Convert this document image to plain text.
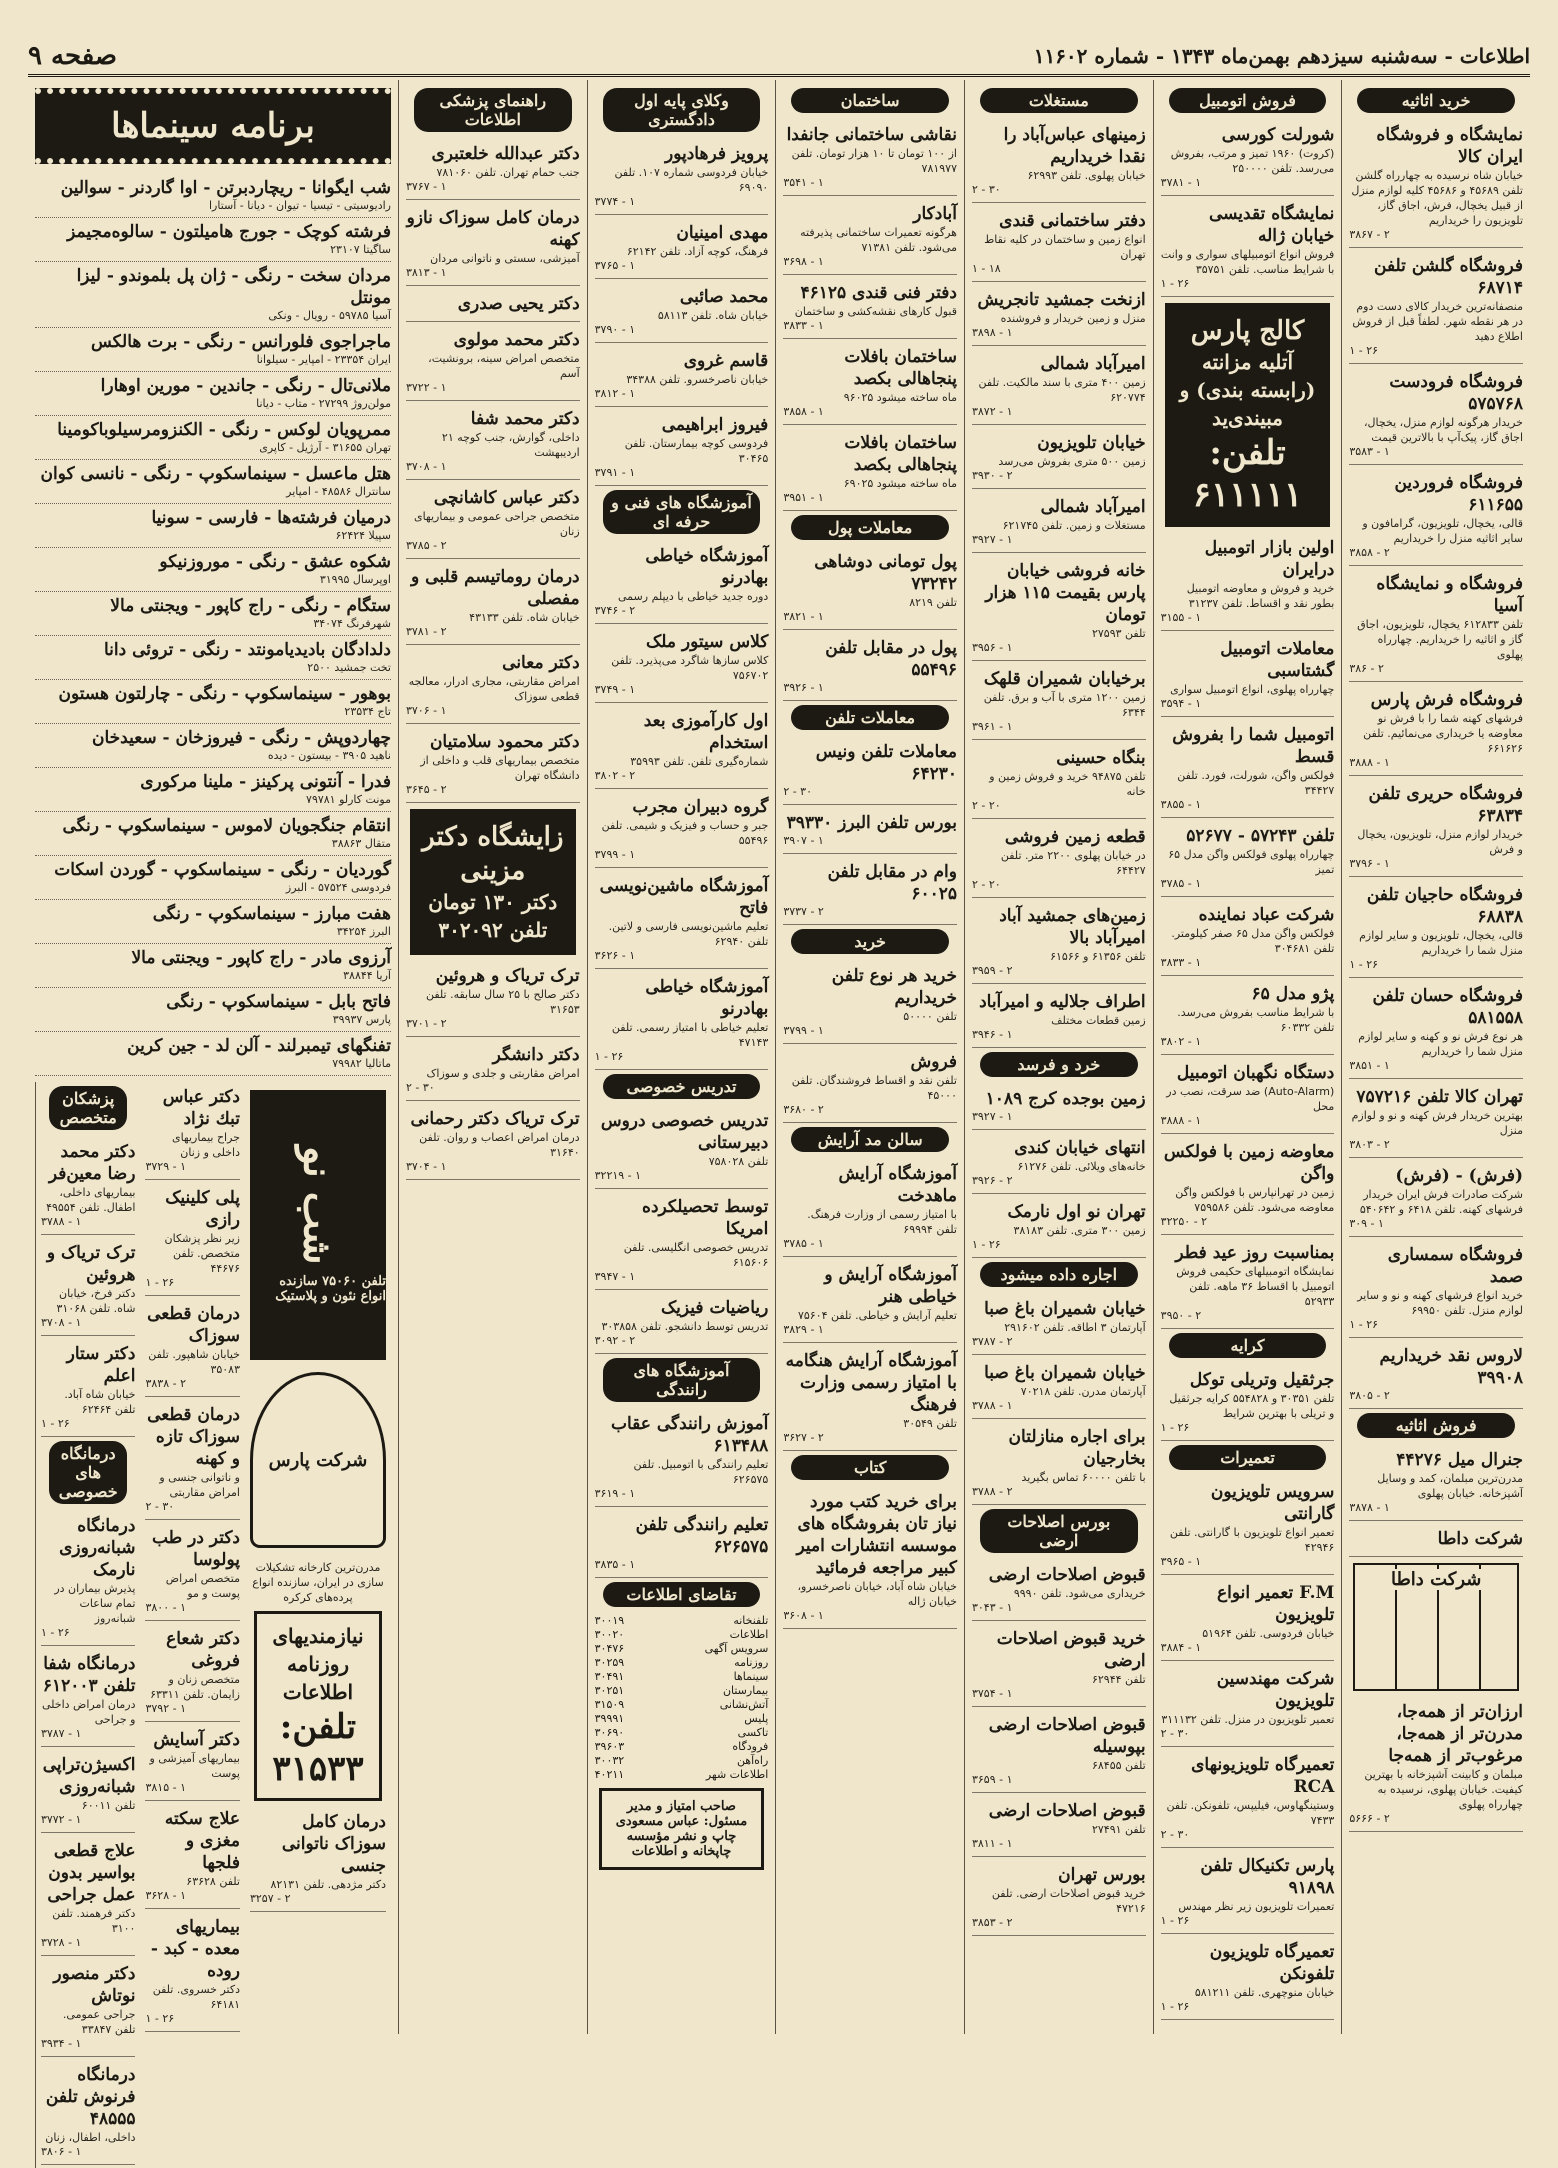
صفحه ۹	اطلاعات - سه‌شنبه سیزدهم بهمن‌ماه ۱۳۴۳ - شماره ۱۱۶۰۲
خرید اثاثیه
نمایشگاه و فروشگاه ایران کالا
خیابان شاه نرسیده به چهارراه گلشن تلفن ۴۵۶۸۹ و ۴۵۶۸۶ کلیه لوازم منزل از قبیل یخچال، فرش، اجاق گاز، تلویزیون را خریداریم
۳۸۶۷ - ۲
فروشگاه گلشن تلفن ۶۸۷۱۴
منصفانه‌ترین خریدار کالای دست دوم در هر نقطه شهر. لطفاً قبل از فروش اطلاع دهید
۱ - ۲۶
فروشگاه فرودست ۵۷۵۷۶۸
خریدار هرگونه لوازم منزل، یخچال، اجاق گاز، پیک‌آپ با بالاترین قیمت
۳۵۸۳ - ۱
فروشگاه فروردین ۶۱۱۶۵۵
قالی، یخچال، تلویزیون، گرامافون و سایر اثاثیه منزل را خریداریم
۳۸۵۸ - ۲
فروشگاه و نمایشگاه آسیا
تلفن ۶۱۲۸۳۳ یخچال، تلویزیون، اجاق گاز و اثاثیه را خریداریم. چهارراه پهلوی
۳۸۶ - ۲
فروشگاه فرش پارس
فرشهای کهنه شما را با فرش نو معاوضه یا خریداری می‌نمائیم. تلفن ۶۶۱۶۲۶
۳۸۸۸ - ۱
فروشگاه حریری تلفن ۶۳۸۳۴
خریدار لوازم منزل، تلویزیون، یخچال و فرش
۳۷۹۶ - ۱
فروشگاه حاجیان تلفن ۶۸۸۳۸
قالی، یخچال، تلویزیون و سایر لوازم منزل شما را خریداریم
۱ - ۲۶
فروشگاه حسان تلفن ۵۸۱۵۵۸
هر نوع فرش نو و کهنه و سایر لوازم منزل شما را خریداریم
۳۸۵۱ - ۱
تهران کالا تلفن ۷۵۷۲۱۶
بهترین خریدار فرش کهنه و نو و لوازم منزل
۳۸۰۳ - ۲
(فرش) - (فرش)
شرکت صادرات فرش ایران خریدار فرشهای کهنه. تلفن ۶۴۱۸ و ۵۴۰۶۴۲
۳۰۹ - ۱
فروشگاه سمساری صمد
خرید انواع فرشهای کهنه و نو و سایر لوازم منزل. تلفن ۶۹۹۵۰
۱ - ۲۶
لاروس نقد خریداریم ۳۹۹۰۸
۳۸۰۵ - ۲
فروش اثاثیه
جنرال میل ۴۴۲۷۶
مدرن‌ترین مبلمان، کمد و وسایل آشپزخانه. خیابان پهلوی
۳۸۷۸ - ۱
شرکت داطا
شرکت داطا
ارزان‌تر از همه‌جا، مدرن‌تر از همه‌جا، مرغوب‌تر از همه‌جا
مبلمان و کابینت آشپزخانه با بهترین کیفیت. خیابان پهلوی، نرسیده به چهارراه پهلوی
۵۶۶۶ - ۲
فروش اتومبیل
شورلت کورسی
(کروت) ۱۹۶۰ تمیز و مرتب، بفروش می‌رسد. تلفن ۲۵۰۰۰۰
۳۷۸۱ - ۱
نمایشگاه تقدیسی خیابان ژاله
فروش انواع اتومبیلهای سواری و وانت با شرایط مناسب. تلفن ۳۵۷۵۱
۱ - ۲۶
کالج پارس
آتلیه مزانته (رابسته بندی) و مبیندی‌ید
تلفن: ۶۱۱۱۱۱
اولین بازار اتومبیل درایران
خرید و فروش و معاوضه اتومبیل بطور نقد و اقساط. تلفن ۳۱۲۳۷
۳۱۵۵ - ۱
معاملات اتومبیل گشتاسبی
چهارراه پهلوی، انواع اتومبیل سواری
۳۵۹۴ - ۱
اتومبیل شما را بفروش قسط
فولکس واگن، شورلت، فورد. تلفن ۳۴۴۲۷
۳۸۵۵ - ۱
تلفن ۵۷۲۴۳ - ۵۲۶۷۷
چهارراه پهلوی فولکس واگن مدل ۶۵ تمیز
۳۷۸۵ - ۱
شرکت عباد نماینده
فولکس واگن مدل ۶۵ صفر کیلومتر. تلفن ۳۰۴۶۸۱
۳۸۳۳ - ۱
پژو مدل ۶۵
با شرایط مناسب بفروش می‌رسد. تلفن ۶۰۳۳۲
۳۸۰۲ - ۱
دستگاه نگهبان اتومبیل
(Auto-Alarm) ضد سرقت، نصب در محل
۳۸۸۸ - ۱
معاوضه زمین با فولکس واگن
زمین در تهرانپارس با فولکس واگن معاوضه می‌شود. تلفن ۷۵۹۵۸۶
۳۲۲۵۰ - ۲
بمناسبت روز عید فطر
نمایشگاه اتومبیلهای حکیمی فروش اتومبیل با اقساط ۳۶ ماهه. تلفن ۵۲۹۳۳
۳۹۵۰ - ۲
کرایه
جرثقیل وتریلی توکل
تلفن ۳۰۳۵۱ و ۵۵۴۸۲۸ کرایه جرثقیل و تریلی با بهترین شرایط
۱ - ۲۶
تعمیرات
سرویس تلویزیون گارانتی
تعمیر انواع تلویزیون با گارانتی. تلفن ۴۲۹۴۶
۳۹۶۵ - ۱
F.M تعمیر انواع تلویزیون
خیابان فردوسی. تلفن ۵۱۹۶۴
۳۸۸۴ - ۱
شرکت مهندسین تلویزیون
تعمیر تلویزیون در منزل. تلفن ۳۱۱۱۳۲
۲ - ۳۰
تعمیرگاه تلویزیونهای RCA
وستینگهاوس، فیلیپس، تلفونکن. تلفن ۷۴۳۳
۲ - ۳۰
پارس تکنیکال تلفن ۹۱۸۹۸
تعمیرات تلویزیون زیر نظر مهندس
۱ - ۲۶
تعمیرگاه تلویزیون تلفونکن
خیابان منوچهری. تلفن ۵۸۱۲۱۱
۱ - ۲۶
مستغلات
زمینهای عباس‌آباد را نقدا خریداریم
خیابان پهلوی. تلفن ۶۲۹۹۳
۲ - ۳۰
دفتر ساختمانی قندی
انواع زمین و ساختمان در کلیه نقاط تهران
۱ - ۱۸
ازنخت جمشید تانجریش
منزل و زمین خریدار و فروشنده
۳۸۹۸ - ۱
امیرآباد شمالی
زمین ۴۰۰ متری با سند مالکیت. تلفن ۶۲۰۷۷۴
۳۸۷۲ - ۱
خیابان تلویزیون
زمین ۵۰۰ متری بفروش می‌رسد
۳۹۳۰ - ۲
امیرآباد شمالی
مستغلات و زمین. تلفن ۶۲۱۷۴۵
۳۹۲۷ - ۱
خانه فروشی خیابان پارس بقیمت ۱۱۵ هزار تومان
تلفن ۲۷۵۹۳
۳۹۵۶ - ۱
برخیابان شمیران قلهک
زمین ۱۲۰۰ متری با آب و برق. تلفن ۶۳۴۴
۳۹۶۱ - ۱
بنگاه حسینی
تلفن ۹۴۸۷۵ خرید و فروش زمین و خانه
۲ - ۲۰
قطعه زمین فروشی
در خیابان پهلوی ۲۲۰۰ متر. تلفن ۶۴۴۲۷
۲ - ۲۰
زمین‌های جمشید آباد امیرآباد بالا
تلفن ۶۱۳۵۶ و ۶۱۵۶۶
۳۹۵۹ - ۲
اطراف جلالیه و امیرآباد
زمین قطعات مختلف
۳۹۴۶ - ۱
خرد و فرسد
زمین بوجده کرج ۱۰۸۹
۳۹۲۷ - ۱
انتهای خیابان کندی
خانه‌های ویلائی. تلفن ۶۱۲۷۶
۳۹۲۶ - ۲
تهران نو اول نارمک
زمین ۳۰۰ متری. تلفن ۳۸۱۸۳
۱ - ۲۶
اجاره داده میشود
خیابان شمیران باغ صبا
آپارتمان ۳ اطاقه. تلفن ۲۹۱۶۰۲
۳۷۸۷ - ۲
خیابان شمیران باغ صبا
آپارتمان مدرن. تلفن ۷۰۲۱۸
۳۷۸۸ - ۱
برای اجاره منازلتان بخارجیان
با تلفن ۶۰۰۰۰ تماس بگیرید
۳۷۸۸ - ۲
بورس اصلاحات ارضی
قبوض اصلاحات ارضی
خریداری می‌شود. تلفن ۹۹۹۰
۳۰۴۳ - ۱
خرید قبوض اصلاحات ارضی
تلفن ۶۲۹۴۴
۳۷۵۴ - ۱
قبوض اصلاحات ارضی بپوسیله
تلفن ۶۸۴۵۵
۳۶۵۹ - ۱
قبوض اصلاحات ارضی
تلفن ۲۷۴۹۱
۳۸۱۱ - ۱
بورس تهران
خرید قبوض اصلاحات ارضی. تلفن ۴۷۲۱۶
۳۸۵۳ - ۲
ساختمان
نقاشی ساختمانی جانفدا
از ۱۰۰ تومان تا ۱۰ هزار تومان. تلفن ۷۸۱۹۷۷
۳۵۴۱ - ۱
آبادکار
هرگونه تعمیرات ساختمانی پذیرفته می‌شود. تلفن ۷۱۳۸۱
۳۶۹۸ - ۱
دفتر فنی قندی ۴۶۱۲۵
قبول کارهای نقشه‌کشی و ساختمان
۳۸۳۳ - ۱
ساختمان بافلات پنجاهالی بکصد
ماه ساخته میشود ۹۶۰۲۵
۳۸۵۸ - ۱
ساختمان بافلات پنجاهالی بکصد
ماه ساخته میشود ۶۹۰۲۵
۳۹۵۱ - ۱
معاملات پول
پول تومانی دوشاهی ۷۳۲۴۲
تلفن ۸۲۱۹
۳۸۲۱ - ۱
پول در مقابل تلفن ۵۵۴۹۶
۳۹۲۶ - ۱
معاملات تلفن
معاملات تلفن ونیس ۶۴۲۳۰
۲ - ۳۰
بورس تلفن البرز ۳۹۳۳۰
۳۹۰۷ - ۱
وام در مقابل تلفن ۶۰۰۲۵
۳۷۳۷ - ۲
خرید
خرید هر نوع تلفن خریداریم
تلفن ۵۰۰۰۰
۳۷۹۹ - ۱
فروش
تلفن نقد و اقساط فروشندگان. تلفن ۴۵۰۰۰
۳۶۸۰ - ۲
سالن مد آرایش
آموزشگاه آرایش ماهدخت
با امتیاز رسمی از وزارت فرهنگ. تلفن ۶۹۹۹۴
۳۷۸۵ - ۱
آموزشگاه آرایش و خیاطی هنر
تعلیم آرایش و خیاطی. تلفن ۷۵۶۰۴
۳۸۲۹ - ۱
آموزشگاه آرایش هنگامه با امتیاز رسمی وزارت فرهنگ
تلفن ۳۰۵۴۹
۳۶۲۷ - ۲
کتاب
برای خرید کتب مورد نیاز تان بفروشگاه های موسسه انتشارات امیر کبیر مراجعه فرمائید
خیابان شاه آباد، خیابان ناصرخسرو، خیابان ژاله
۳۶۰۸ - ۱
وکلای پایه اول دادگستری
پرویز فرهادپور
خیابان فردوسی شماره ۱۰۷. تلفن ۶۹۰۹۰
۳۷۷۴ - ۱
مهدی امینیان
فرهنگ، کوچه آزاد. تلفن ۶۲۱۴۲
۳۷۶۵ - ۱
محمد صائبی
خیابان شاه. تلفن ۵۸۱۱۳
۳۷۹۰ - ۱
قاسم غروی
خیابان ناصرخسرو. تلفن ۳۴۳۸۸
۳۸۱۲ - ۱
فیروز ابراهیمی
فردوسی کوچه بیمارستان. تلفن ۳۰۴۶۵
۳۷۹۱ - ۱
آموزشگاه های فنی و حرفه ای
آموزشگاه خیاطی بهادرنو
دوره جدید خیاطی با دیپلم رسمی
۳۷۴۶ - ۲
کلاس سیتور ملک
کلاس سازها شاگرد می‌پذیرد. تلفن ۷۵۶۷۰۲
۳۷۴۹ - ۱
اول کارآموزی بعد استخدام
شماره‌گیری تلفن. تلفن ۳۵۹۹۳
۳۸۰۲ - ۲
گروه دبیران مجرب
جبر و حساب و فیزیک و شیمی. تلفن ۵۵۴۹۶
۳۷۹۹ - ۱
آموزشگاه ماشین‌نویسی فاتح
تعلیم ماشین‌نویسی فارسی و لاتین. تلفن ۶۲۹۴۰
۳۶۲۶ - ۱
آموزشگاه خیاطی بهادرنو
تعلیم خیاطی با امتیاز رسمی. تلفن ۴۷۱۴۳
۱ - ۲۶
تدریس خصوصی
تدریس خصوصی دروس دبیرستانی
تلفن ۷۵۸۰۲۸
۳۲۲۱۹ - ۱
توسط تحصیلکرده امریکا
تدریس خصوصی انگلیسی. تلفن ۶۱۵۶۰۶
۳۹۴۷ - ۱
ریاضیات فیزیک
تدریس توسط دانشجو. تلفن ۳۰۳۸۵۸
۳۰۹۲ - ۲
آموزشگاه های رانندگی
آموزش رانندگی عقاب ۶۱۳۴۸۸
تعلیم رانندگی با اتومبیل. تلفن ۶۲۶۵۷۵
۳۶۱۹ - ۱
تعلیم رانندگی تلفن ۶۲۶۵۷۵
۳۸۳۵ - ۱
تقاضای اطلاعات
تلفنخانه
۳۰۰۱۹
اطلاعات
۳۰۰۲۰
سرویس آگهی
۳۰۴۷۶
روزنامه
۳۰۲۵۹
سینماها
۳۰۴۹۱
بیمارستان
۳۰۲۵۱
آتش‌نشانی
۳۱۵۰۹
پلیس
۳۹۹۹۱
تاکسی
۳۰۶۹۰
فرودگاه
۳۹۶۰۳
راه‌آهن
۳۰۰۳۲
اطلاعات شهر
۴۰۲۱۱
صاحب امتیاز و مدیر مسئول: عباس مسعودی
چاپ و نشر مؤسسه چاپخانه و اطلاعات
راهنمای پزشکی اطلاعات
دکتر عبدالله خلعتبری
جنب حمام تهران. تلفن ۷۸۱۰۶۰
۳۷۶۷ - ۱
درمان کامل سوزاک نازو کهنه
آمیزشی، سستی و ناتوانی مردان
۳۸۱۳ - ۱
دکتر یحیی صدری
دکتر محمد مولوی
متخصص امراض سینه، برونشیت، آسم
۳۷۲۲ - ۱
دکتر محمد شفا
داخلی، گوارش، جنب کوچه ۲۱ اردیبهشت
۳۷۰۸ - ۱
دکتر عباس کاشانچی
متخصص جراحی عمومی و بیماریهای زنان
۳۷۸۵ - ۲
درمان روماتیسم قلبی و مفصلی
خیابان شاه. تلفن ۴۳۱۳۳
۳۷۸۱ - ۲
دکتر معانی
امراض مقاربتی، مجاری ادرار، معالجه قطعی سوزاک
۳۷۰۶ - ۱
دکتر محمود سلامتیان
متخصص بیماریهای قلب و داخلی از دانشگاه تهران
۳۶۴۵ - ۲
زایشگاه دکتر مزینی
دکتر ۱۳۰ تومان
تلفن ۳۰۲۰۹۲
ترک تریاک و هروئین
دکتر صالح با ۲۵ سال سابقه. تلفن ۳۱۶۵۳
۳۷۰۱ - ۲
دکتر دانشگر
امراض مقاربتی و جلدی و سوزاک
۲ - ۳۰
ترک تریاک دکتر رحمانی
درمان امراض اعصاب و روان. تلفن ۳۱۶۴۰
۳۷۰۴ - ۱
برنامه سینماها
شب ایگوانا - ریچاردبرتن - اوا گاردنر - سوالین
رادیوسیتی - تیسیا - تیوان - دیانا - آستارا
فرشته کوچک - جورج هامیلتون - سالوه‌مجیمز
ساگیتا ۲۳۱۰۷
مردان سخت - رنگی - ژان پل بلموندو - لیزا مونتل
آسیا ۵۹۷۸۵ - رویال - ونکی
ماجراجوی فلورانس - رنگی - برت هالکس
ایران ۲۳۳۵۴ - امپایر - سیلوانا
ملانی‌تال - رنگی - جاندین - مورین اوهارا
مولن‌روژ ۲۷۲۹۹ - متاب - دیانا
ممرپویان لوکس - رنگی - الکنزومرسیلوباکومینا
تهران ۳۱۶۵۵ - آرژیل - کاپری
هتل ماعسل - سینماسکوپ - رنگی - نانسی کوان
سانترال ۴۸۵۸۶ - امپایر
درمیان فرشته‌ها - فارسی - سونیا
سپیلا ۶۲۴۲۴
شکوه عشق - رنگی - موروزنیکو
اوپرسال ۳۱۹۹۵
ستگام - رنگی - راج کاپور - ویجنتی مالا
شهرفرنگ ۳۴۰۷۴
دلدادگان بادیدیامونتد - رنگی - تروئی دانا
تخت جمشید ۲۵۰۰
بوهور - سینماسکوپ - رنگی - چارلتون هستون
تاج ۲۳۵۳۴
چهاردوپش - رنگی - فیروزخان - سعیدخان
ناهید ۳۹۰۵ - بیستون - دیده
فدرا - آنتونی پرکینز - ملینا مرکوری
مونت کارلو ۷۹۷۸۱
انتقام جنگجویان لاموس - سینماسکوپ - رنگی
متقال ۳۸۸۶۳
گوردیان - رنگی - سینماسکوپ - گوردن اسکات
فردوسی ۵۷۵۲۴ - البرز
هفت مبارز - سینماسکوپ - رنگی
البرز ۳۴۲۵۴
آرزوی مادر - راج کاپور - ویجنتی مالا
آریا ۳۸۸۴۴
فاتح بابل - سینماسکوپ - رنگی
پارس ۳۹۹۳۷
تفنگهای تیمبرلند - آلن لد - جین کرین
ماتالیا ۷۹۹۸۲
پزشکان متخصص
دکتر محمد رضا معین‌فر
بیماریهای داخلی، اطفال. تلفن ۴۹۵۵۴
۳۷۸۸ - ۱
ترک تریاک و هروئین
دکتر فرخ، خیابان شاه. تلفن ۳۱۰۶۸
۳۷۰۸ - ۱
دکتر ستار اعلم
خیابان شاه آباد. تلفن ۶۲۴۶۴
۱ - ۲۶
درمانگاه های خصوصی
درمانگاه شبانه‌روزی نارمک
پذیرش بیماران در تمام ساعات شبانه‌روز
۱ - ۲۶
درمانگاه شفا تلفن ۶۱۲۰۰۳
درمان امراض داخلی و جراحی
۳۷۸۷ - ۱
اکسیژن‌تراپی شبانه‌روزی
تلفن ۶۰۰۱۱
۳۷۷۲ - ۱
علاج قطعی بواسیر بدون عمل جراحی
دکتر فرهمند. تلفن ۳۱۰۰
۳۷۲۸ - ۱
دکتر منصور نوتاش
جراحی عمومی. تلفن ۳۳۸۴۷
۳۹۳۴ - ۱
درمانگاه فرنوش تلفن ۴۸۵۵۵
داخلی، اطفال، زنان
۳۸۰۶ - ۱
دکتر عباس تبك نژاد
جراح بیماریهای داخلی و زنان
۳۷۲۹ - ۱
پلی کلینیک رازی
زیر نظر پزشکان متخصص. تلفن ۴۴۶۷۶
۱ - ۲۶
درمان قطعی سوزاک
خیابان شاهپور. تلفن ۳۵۰۸۳
۳۸۳۸ - ۲
درمان قطعی سوزاک تازه و کهنه
و ناتوانی جنسی و امراض مقاربتی
۲ - ۳۰
دکتر در طب پولوسا
متخصص امراض پوست و مو
۳۸۰۰ - ۱
دکتر شعاع فروغی
متخصص زنان و زایمان. تلفن ۶۳۳۱۱
۳۷۹۲ - ۱
دکتر آسایش
بیماریهای آمیزشی و پوست
۳۸۱۵ - ۱
علاج سکته مغزی و فلجها
تلفن ۶۳۶۲۸
۳۶۲۸ - ۱
بیماریهای معده - کبد - روده
دکتر خسروی. تلفن ۶۴۱۸۱
۱ - ۲۶
شب نو
تلفن ۷۵۰۶۰ سازنده انواع نئون و پلاستیک
شرکت پارس
مدرن‌ترین کارخانه تشکیلات سازی در ایران، سازنده انواع پرده‌های کرکره
نیازمندیهای روزنامه اطلاعات
تلفن: ۳۱۵۳۳
درمان کامل سوزاک ناتوانی جنسی
دکتر مژدهی. تلفن ۸۲۱۳۱
۳۲۵۷ - ۲
